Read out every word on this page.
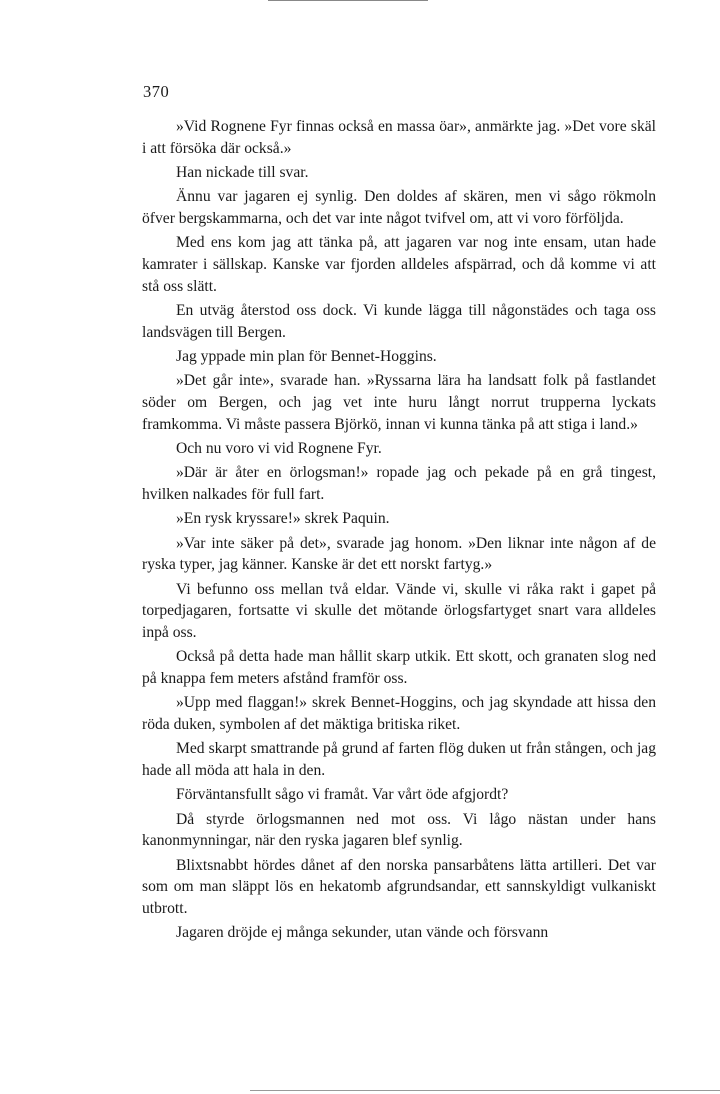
370

»Vid Rognene Fyr finnas också en massa öar», anmärkte jag. »Det vore skäl i att försöka där också.»

Han nickade till svar.

Ännu var jagaren ej synlig. Den doldes af skären, men vi sågo rökmoln öfver bergskammarna, och det var inte något tvifvel om, att vi voro förföljda.

Med ens kom jag att tänka på, att jagaren var nog inte ensam, utan hade kamrater i sällskap. Kanske var fjorden alldeles afspärrad, och då komme vi att stå oss slätt.

En utväg återstod oss dock. Vi kunde lägga till någonstädes och taga oss landsvägen till Bergen.

Jag yppade min plan för Bennet-Hoggins.

»Det går inte», svarade han. »Ryssarna lära ha landsatt folk på fastlandet söder om Bergen, och jag vet inte huru långt norrut trupperna lyckats framkomma. Vi måste passera Björkö, innan vi kunna tänka på att stiga i land.»

Och nu voro vi vid Rognene Fyr.

»Där är åter en örlogsman!» ropade jag och pekade på en grå tingest, hvilken nalkades för full fart.

»En rysk kryssare!» skrek Paquin.

»Var inte säker på det», svarade jag honom. »Den liknar inte någon af de ryska typer, jag känner. Kanske är det ett norskt fartyg.»

Vi befunno oss mellan två eldar. Vände vi, skulle vi råka rakt i gapet på torpedjagaren, fortsatte vi skulle det mötande örlogsfartyget snart vara alldeles inpå oss.

Också på detta hade man hållit skarp utkik. Ett skott, och granaten slog ned på knappa fem meters afstånd framför oss.

»Upp med flaggan!» skrek Bennet-Hoggins, och jag skyndade att hissa den röda duken, symbolen af det mäktiga britiska riket.

Med skarpt smattrande på grund af farten flög duken ut från stången, och jag hade all möda att hala in den.

Förväntansfullt sågo vi framåt. Var vårt öde afgjordt?

Då styrde örlogsmannen ned mot oss. Vi lågo nästan under hans kanonmynningar, när den ryska jagaren blef synlig.

Blixtsnabbt hördes dånet af den norska pansarbåtens lätta artilleri. Det var som om man släppt lös en hekatomb afgrundsandar, ett sannskyldigt vulkaniskt utbrott.

Jagaren dröjde ej många sekunder, utan vände och försvann
